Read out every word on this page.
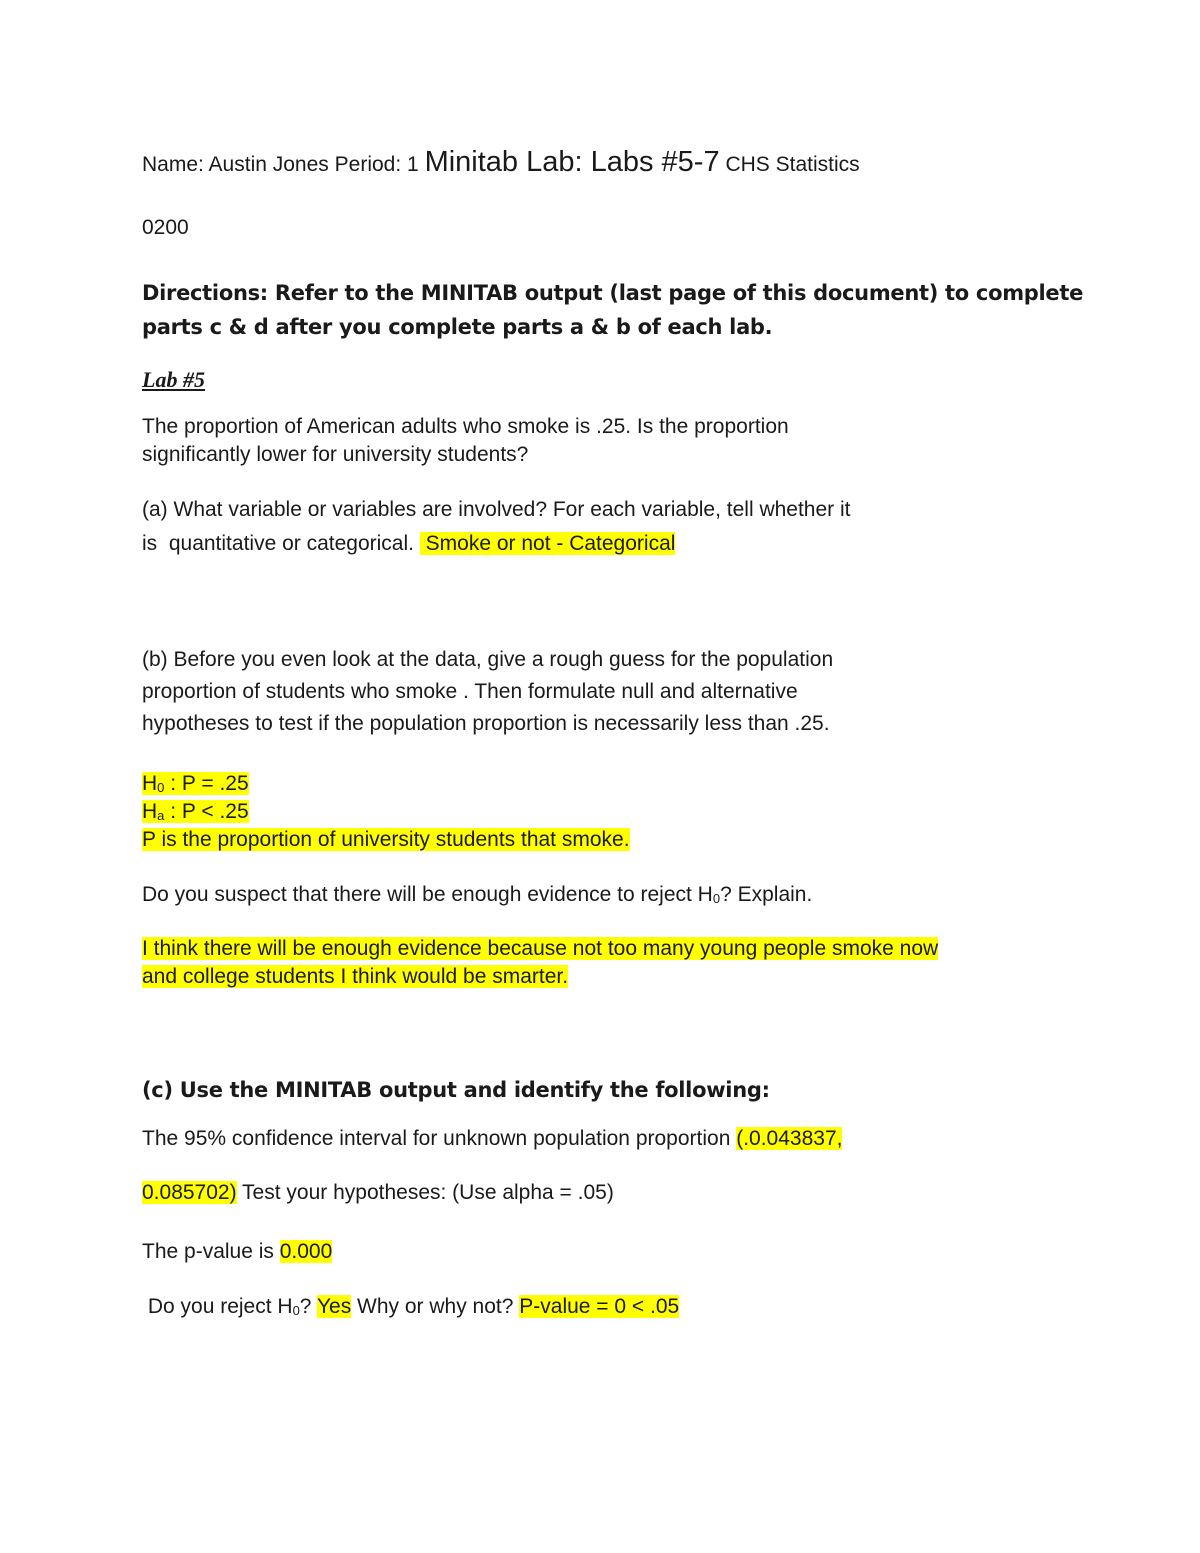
Name: Austin Jones Period: 1 Minitab Lab: Labs #5-7 CHS Statistics
0200
Directions: Refer to the MINITAB output (last page of this document) to complete
parts c & d after you complete parts a & b of each lab.
Lab #5
The proportion of American adults who smoke is .25. Is the proportion
significantly lower for university students?
(a) What variable or variables are involved? For each variable, tell whether it
is  quantitative or categorical.  Smoke or not - Categorical
(b) Before you even look at the data, give a rough guess for the population
proportion of students who smoke . Then formulate null and alternative
hypotheses to test if the population proportion is necessarily less than .25.
H0 : P = .25
Ha : P < .25
P is the proportion of university students that smoke.
Do you suspect that there will be enough evidence to reject H0? Explain.
I think there will be enough evidence because not too many young people smoke now
and college students I think would be smarter.
(c) Use the MINITAB output and identify the following:
The 95% confidence interval for unknown population proportion (.0.043837,
0.085702) Test your hypotheses: (Use alpha = .05)
The p-value is 0.000
Do you reject H0? Yes Why or why not? P-value = 0 < .05
